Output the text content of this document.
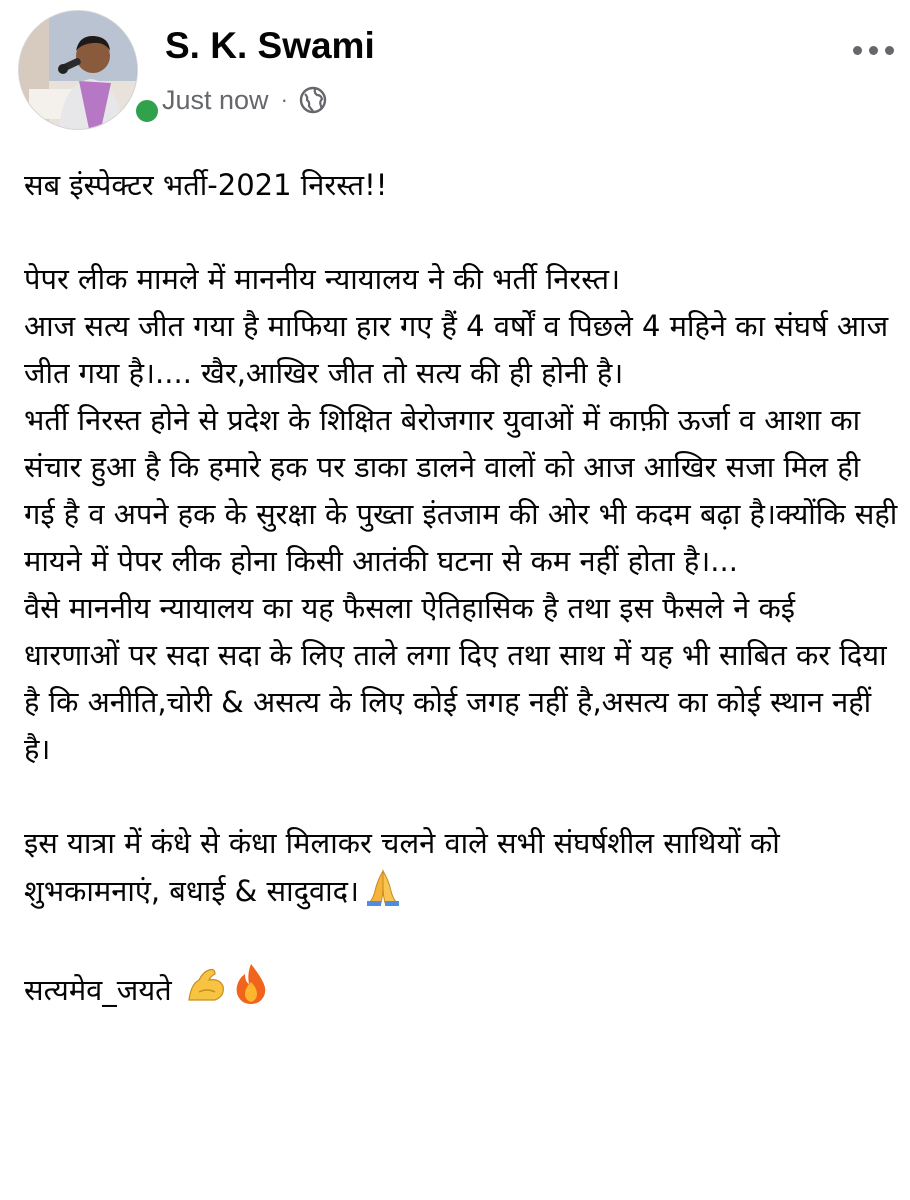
S. K. Swami
Just now ·

सब इंस्पेक्टर भर्ती-2021 निरस्त!!

पेपर लीक मामले में माननीय न्यायालय ने की भर्ती निरस्त।
आज सत्य जीत गया है माफिया हार गए हैं 4 वर्षों व पिछले 4 महिने का संघर्ष आज जीत गया है।.... खैर,आखिर जीत तो सत्य की ही होनी है।
भर्ती निरस्त होने से प्रदेश के शिक्षित बेरोजगार युवाओं में काफ़ी ऊर्जा व आशा का संचार हुआ है कि हमारे हक पर डाका डालने वालों को आज आखिर सजा मिल ही गई है व अपने हक के सुरक्षा के पुख्ता इंतजाम की ओर भी कदम बढ़ा है।क्योंकि सही मायने में पेपर लीक होना किसी आतंकी घटना से कम नहीं होता है।...
वैसे माननीय न्यायालय का यह फैसला ऐतिहासिक है तथा इस फैसले ने कई धारणाओं पर सदा सदा के लिए ताले लगा दिए तथा साथ में यह भी साबित कर दिया है कि अनीति,चोरी & असत्य के लिए कोई जगह नहीं है,असत्य का कोई स्थान नहीं है।

इस यात्रा में कंधे से कंधा मिलाकर चलने वाले सभी संघर्षशील साथियों को शुभकामनाएं, बधाई & सादुवाद।

सत्यमेव_जयते
